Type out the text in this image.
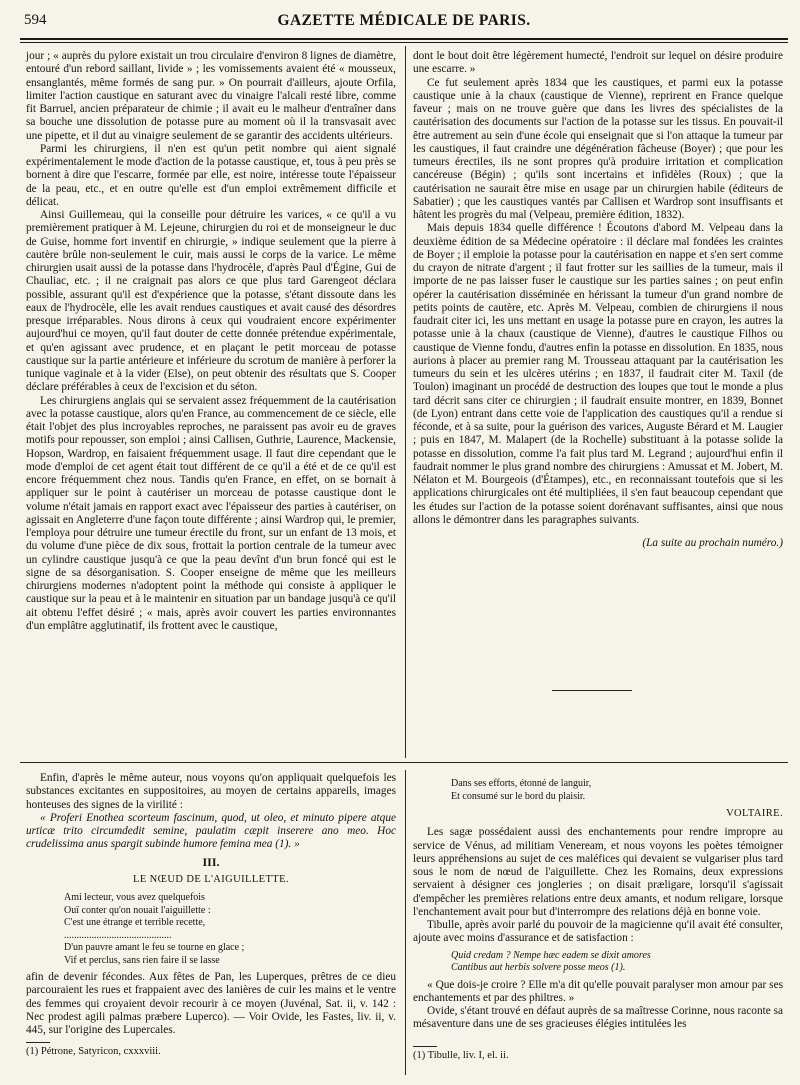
594	GAZETTE MÉDICALE DE PARIS.

jour ; « auprès du pylore existait un trou circulaire d'environ 8 lignes de diamètre, entouré d'un rebord saillant, livide » ; les vomissements avaient été « mousseux, ensanglantés, même formés de sang pur. » On pourrait d'ailleurs, ajoute Orfila, limiter l'action caustique en saturant avec du vinaigre l'alcali resté libre, comme fit Barruel, ancien préparateur de chimie ; il avait eu le malheur d'entraîner dans sa bouche une dissolution de potasse pure au moment où il la transvasait avec une pipette, et il dut au vinaigre seulement de se garantir des accidents ultérieurs.

Parmi les chirurgiens, il n'en est qu'un petit nombre qui aient signalé expérimentalement le mode d'action de la potasse caustique, et, tous à peu près se bornent à dire que l'escarre, formée par elle, est noire, intéresse toute l'épaisseur de la peau, etc., et en outre qu'elle est d'un emploi extrêmement difficile et délicat.

Ainsi Guillemeau, qui la conseille pour détruire les varices, « ce qu'il a vu premièrement pratiquer à M. Lejeune, chirurgien du roi et de monseigneur le duc de Guise, homme fort inventif en chirurgie, » indique seulement que la pierre à cautère brûle non-seulement le cuir, mais aussi le corps de la varice. Le même chirurgien usait aussi de la potasse dans l'hydrocèle, d'après Paul d'Égine, Gui de Chauliac, etc. ; il ne craignait pas alors ce que plus tard Garengeot déclara possible, assurant qu'il est d'expérience que la potasse, s'étant dissoute dans les eaux de l'hydrocèle, elle les avait rendues caustiques et avait causé des désordres presque irréparables. Nous dirons à ceux qui voudraient encore expérimenter aujourd'hui ce moyen, qu'il faut douter de cette donnée prétendue expérimentale, et qu'en agissant avec prudence, et en plaçant le petit morceau de potasse caustique sur la partie antérieure et inférieure du scrotum de manière à perforer la tunique vaginale et à la vider (Else), on peut obtenir des résultats que S. Cooper déclare préférables à ceux de l'excision et du séton.

Les chirurgiens anglais qui se servaient assez fréquemment de la cautérisation avec la potasse caustique, alors qu'en France, au commencement de ce siècle, elle était l'objet des plus incroyables reproches, ne paraissent pas avoir eu de graves motifs pour repousser, son emploi ; ainsi Callisen, Guthrie, Laurence, Mackensie, Hopson, Wardrop, en faisaient fréquemment usage. Il faut dire cependant que le mode d'emploi de cet agent était tout différent de ce qu'il a été et de ce qu'il est encore fréquemment chez nous. Tandis qu'en France, en effet, on se bornait à appliquer sur le point à cautériser un morceau de potasse caustique dont le volume n'était jamais en rapport exact avec l'épaisseur des parties à cautériser, on agissait en Angleterre d'une façon toute différente ; ainsi Wardrop qui, le premier, l'employa pour détruire une tumeur érectile du front, sur un enfant de 13 mois, et du volume d'une pièce de dix sous, frottait la portion centrale de la tumeur avec un cylindre caustique jusqu'à ce que la peau devînt d'un brun foncé qui est le signe de sa désorganisation. S. Cooper enseigne de même que les meilleurs chirurgiens modernes n'adoptent point la méthode qui consiste à appliquer le caustique sur la peau et à le maintenir en situation par un bandage jusqu'à ce qu'il ait obtenu l'effet désiré ; « mais, après avoir couvert les parties environnantes d'un emplâtre agglutinatif, ils frottent avec le caustique,

dont le bout doit être légèrement humecté, l'endroit sur lequel on désire produire une escarre. »

Ce fut seulement après 1834 que les caustiques, et parmi eux la potasse caustique unie à la chaux (caustique de Vienne), reprirent en France quelque faveur ; mais on ne trouve guère que dans les livres des spécialistes de la cautérisation des documents sur l'action de la potasse sur les tissus. En pouvait-il être autrement au sein d'une école qui enseignait que si l'on attaque la tumeur par les caustiques, il faut craindre une dégénération fâcheuse (Boyer) ; que pour les tumeurs érectiles, ils ne sont propres qu'à produire irritation et complication cancéreuse (Bégin) ; qu'ils sont incertains et infidèles (Roux) ; que la cautérisation ne saurait être mise en usage par un chirurgien habile (éditeurs de Sabatier) ; que les caustiques vantés par Callisen et Wardrop sont insuffisants et hâtent les progrès du mal (Velpeau, première édition, 1832).

Mais depuis 1834 quelle différence ! Écoutons d'abord M. Velpeau dans la deuxième édition de sa Médecine opératoire : il déclare mal fondées les craintes de Boyer ; il emploie la potasse pour la cautérisation en nappe et s'en sert comme du crayon de nitrate d'argent ; il faut frotter sur les saillies de la tumeur, mais il importe de ne pas laisser fuser le caustique sur les parties saines ; on peut enfin opérer la cautérisation disséminée en hérissant la tumeur d'un grand nombre de petits points de cautère, etc. Après M. Velpeau, combien de chirurgiens il nous faudrait citer ici, les uns mettant en usage la potasse pure en crayon, les autres la potasse unie à la chaux (caustique de Vienne), d'autres le caustique Filhos ou caustique de Vienne fondu, d'autres enfin la potasse en dissolution. En 1835, nous aurions à placer au premier rang M. Trousseau attaquant par la cautérisation les tumeurs du sein et les ulcères utérins ; en 1837, il faudrait citer M. Taxil (de Toulon) imaginant un procédé de destruction des loupes que tout le monde a plus tard décrit sans citer ce chirurgien ; il faudrait ensuite montrer, en 1839, Bonnet (de Lyon) entrant dans cette voie de l'application des caustiques qu'il a rendue si féconde, et à sa suite, pour la guérison des varices, Auguste Bérard et M. Laugier ; puis en 1847, M. Malapert (de la Rochelle) substituant à la potasse solide la potasse en dissolution, comme l'a fait plus tard M. Legrand ; aujourd'hui enfin il faudrait nommer le plus grand nombre des chirurgiens : Amussat et M. Jobert, M. Nélaton et M. Bourgeois (d'Étampes), etc., en reconnaissant toutefois que si les applications chirurgicales ont été multipliées, il s'en faut beaucoup cependant que les études sur l'action de la potasse soient dorénavant suffisantes, ainsi que nous allons le démontrer dans les paragraphes suivants.

(La suite au prochain numéro.)

Enfin, d'après le même auteur, nous voyons qu'on appliquait quelquefois les substances excitantes en suppositoires, au moyen de certains appareils, images honteuses des signes de la virilité :

« Proferi Enothea scorteum fascinum, quod, ut oleo, et minuto pipere atque urticæ trito circumdedit semine, paulatim cæpit inserere ano meo. Hoc crudelissima anus spargit subinde humore femina mea (1). »

III.
LE NŒUD DE L'AIGUILLETTE.
Ami lecteur, vous avez quelquefois
Ouï conter qu'on nouait l'aiguillette :
C'est une étrange et terrible recette,
...........................................
D'un pauvre amant le feu se tourne en glace ;
Vif et perclus, sans rien faire il se lasse

afin de devenir fécondes. Aux fêtes de Pan, les Luperques, prêtres de ce dieu parcouraient les rues et frappaient avec des lanières de cuir les mains et le ventre des femmes qui croyaient devoir recourir à ce moyen (Juvénal, Sat. ii, v. 142 : Nec prodest agili palmas præbere Luperco). — Voir Ovide, les Fastes, liv. ii, v. 445, sur l'origine des Lupercales.

(1) Pétrone, Satyricon, cxxxviii.

Dans ses efforts, étonné de languir,
Et consumé sur le bord du plaisir.
VOLTAIRE.

Les sagæ possédaient aussi des enchantements pour rendre impropre au service de Vénus, ad militiam Veneream, et nous voyons les poètes témoigner leurs appréhensions au sujet de ces maléfices qui devaient se vulgariser plus tard sous le nom de nœud de l'aiguillette. Chez les Romains, deux expressions servaient à désigner ces jongleries ; on disait præligare, lorsqu'il s'agissait d'empêcher les premières relations entre deux amants, et nodum religare, lorsque l'enchantement avait pour but d'interrompre des relations déjà en bonne voie.

Tibulle, après avoir parlé du pouvoir de la magicienne qu'il avait été consulter, ajoute avec moins d'assurance et de satisfaction :

Quid credam ? Nempe hæc eadem se dixit amores
Cantibus aut herbis solvere posse meos (1).

« Que dois-je croire ? Elle m'a dit qu'elle pouvait paralyser mon amour par ses enchantements et par des philtres. »

Ovide, s'étant trouvé en défaut auprès de sa maîtresse Corinne, nous raconte sa mésaventure dans une de ses gracieuses élégies intitulées les

(1) Tibulle, liv. I, el. ii.
